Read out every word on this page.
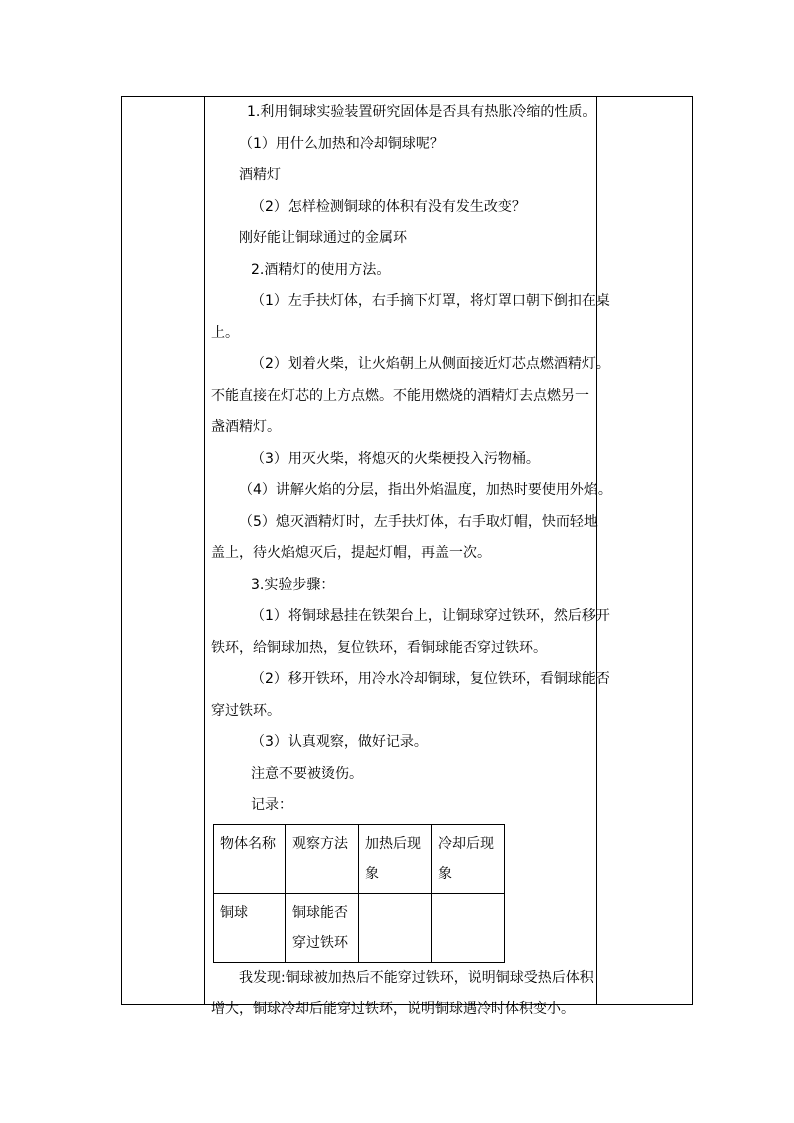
1.利用铜球实验装置研究固体是否具有热胀冷缩的性质。
（1）用什么加热和冷却铜球呢？
酒精灯
（2）怎样检测铜球的体积有没有发生改变？
刚好能让铜球通过的金属环
2.酒精灯的使用方法。
（1）左手扶灯体，右手摘下灯罩，将灯罩口朝下倒扣在桌
上。
（2）划着火柴，让火焰朝上从侧面接近灯芯点燃酒精灯。
不能直接在灯芯的上方点燃。不能用燃烧的酒精灯去点燃另一
盏酒精灯。
（3）用灭火柴，将熄灭的火柴梗投入污物桶。
（4）讲解火焰的分层，指出外焰温度，加热时要使用外焰。
（5）熄灭酒精灯时，左手扶灯体，右手取灯帽，快而轻地
盖上，待火焰熄灭后，提起灯帽，再盖一次。
3.实验步骤：
（1）将铜球悬挂在铁架台上，让铜球穿过铁环，然后移开
铁环，给铜球加热，复位铁环，看铜球能否穿过铁环。
（2）移开铁环，用冷水冷却铜球，复位铁环，看铜球能否
穿过铁环。
（3）认真观察，做好记录。
注意不要被烫伤。
记录：
物体名称	观察方法	加热后现象	冷却后现象
铜球	铜球能否穿过铁环		
我发现:铜球被加热后不能穿过铁环，说明铜球受热后体积
增大，铜球冷却后能穿过铁环，说明铜球遇冷时体积变小。
